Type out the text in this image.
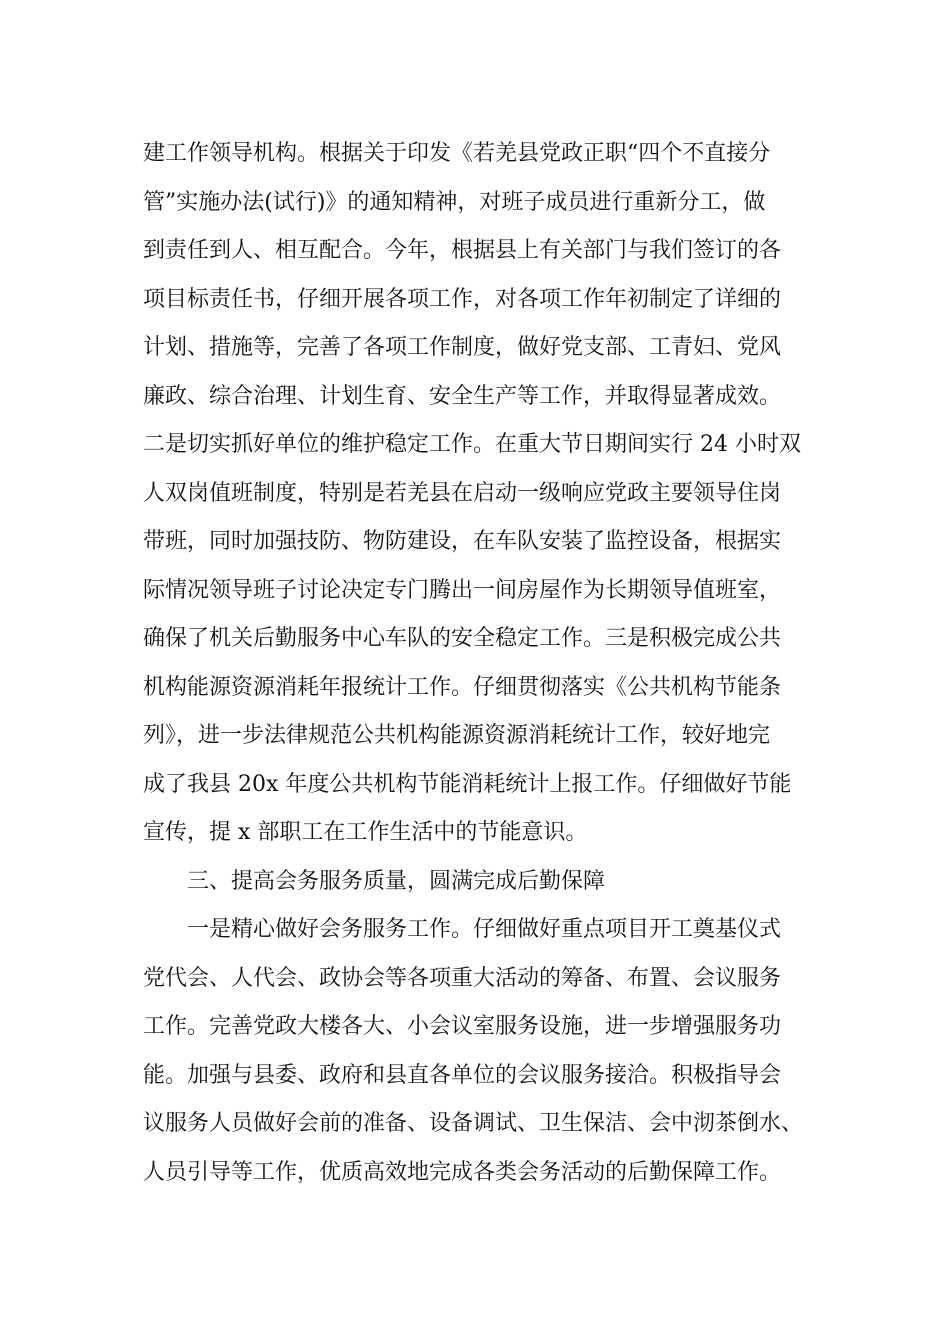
建工作领导机构。根据关于印发《若羌县党政正职“四个不直接分
管”实施办法(试行)》的通知精神，对班子成员进行重新分工，做
到责任到人、相互配合。今年，根据县上有关部门与我们签订的各
项目标责任书，仔细开展各项工作，对各项工作年初制定了详细的
计划、措施等，完善了各项工作制度，做好党支部、工青妇、党风
廉政、综合治理、计划生育、安全生产等工作，并取得显著成效。
二是切实抓好单位的维护稳定工作。在重大节日期间实行 24 小时双
人双岗值班制度，特别是若羌县在启动一级响应党政主要领导住岗
带班，同时加强技防、物防建设，在车队安装了监控设备，根据实
际情况领导班子讨论决定专门腾出一间房屋作为长期领导值班室，
确保了机关后勤服务中心车队的安全稳定工作。三是积极完成公共
机构能源资源消耗年报统计工作。仔细贯彻落实《公共机构节能条
列》，进一步法律规范公共机构能源资源消耗统计工作，较好地完
成了我县 20x 年度公共机构节能消耗统计上报工作。仔细做好节能
宣传，提 x 部职工在工作生活中的节能意识。
三、提高会务服务质量，圆满完成后勤保障
一是精心做好会务服务工作。仔细做好重点项目开工奠基仪式
党代会、人代会、政协会等各项重大活动的筹备、布置、会议服务
工作。完善党政大楼各大、小会议室服务设施，进一步增强服务功
能。加强与县委、政府和县直各单位的会议服务接洽。积极指导会
议服务人员做好会前的准备、设备调试、卫生保洁、会中沏茶倒水、
人员引导等工作，优质高效地完成各类会务活动的后勤保障工作。
